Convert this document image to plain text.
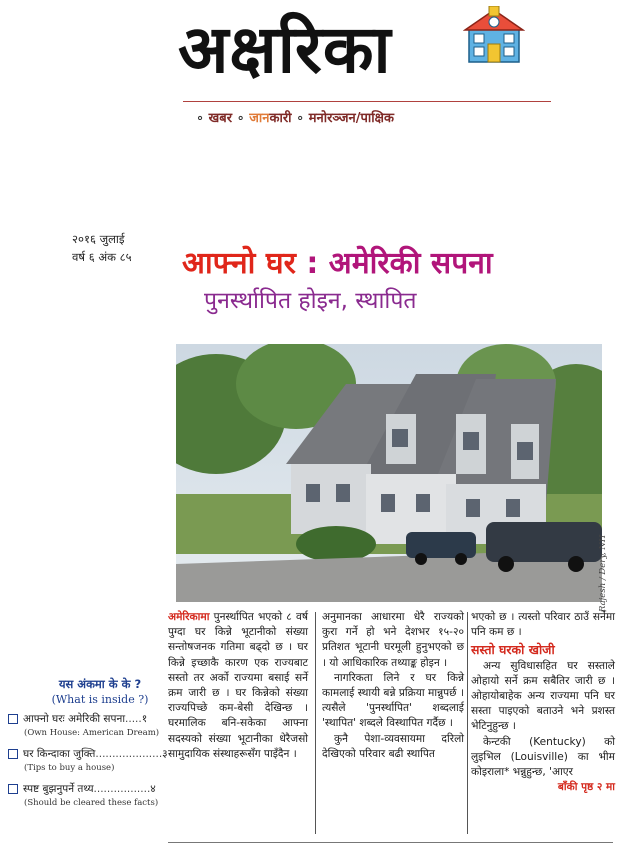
अक्षरिका
∘ खबर ∘ जानकारी ∘ मनोरञ्जन/पाक्षिक
२०१६ जुलाई
वर्ष ६ अंक ८५ आफ्नो घर : अमेरिकी सपना
पुनर्स्थापित होइन, स्थापित
Rajesh / Dery, NH
अमेरिकामा पुनर्स्थापित भएको ८ वर्ष पुग्दा घर किन्ने भूटानीको संख्या सन्तोषजनक गतिमा बढ्दो छ । घर किन्ने इच्छाकै कारण एक राज्यबाट सस्तो तर अर्को राज्यमा बसाई सर्ने क्रम जारी छ । घर किन्नेको संख्या राज्यपिच्छे कम-बेसी देखिन्छ । घरमालिक बनि-सकेका आफ्ना सदस्यको संख्या भूटानीका धेरैजसो सामुदायिक संस्थाहरूसँग पाइँदैन ।
अनुमानका आधारमा धेरै राज्यको कुरा गर्ने हो भने देशभर १५-२० प्रतिशत भूटानी घरमूली हुनुभएको छ । यो आधिकारिक तथ्याङ्क होइन ।
नागरिकता लिने र घर किन्ने कामलाई स्थायी बन्ने प्रक्रिया मान्नुपर्छ । त्यसैले 'पुनर्स्थापित' शब्दलाई 'स्थापित' शब्दले विस्थापित गर्दैछ ।
कुनै पेशा-व्यवसायमा दरिलो देखिएको परिवार बढी स्थापित
भएको छ । त्यस्तो परिवार ठाउँ सर्नेमा पनि कम छ ।
सस्तो घरको खोजी
अन्य सुविधासहित घर सस्ताले ओहायो सर्ने क्रम सबैतिर जारी छ । ओहायोबाहेक अन्य राज्यमा पनि घर सस्ता पाइएको बताउने भने प्रशस्त भेटिनुहुन्छ ।
केन्टकी (Kentucky) को लुइभिल (Louisville) का भीम कोइराला* भन्नुहुन्छ, 'आएर
बाँकी पृष्ठ २ मा
यस अंकमा के के ?
(What is inside ?)
आफ्नो घरः अमेरिकी सपना.....१
(Own House: American Dream)
घर किन्दाका जुक्ति....................३
(Tips to buy a house)
स्पष्ट बुझनुपर्ने तथ्य.................४
(Should be cleared these facts)
